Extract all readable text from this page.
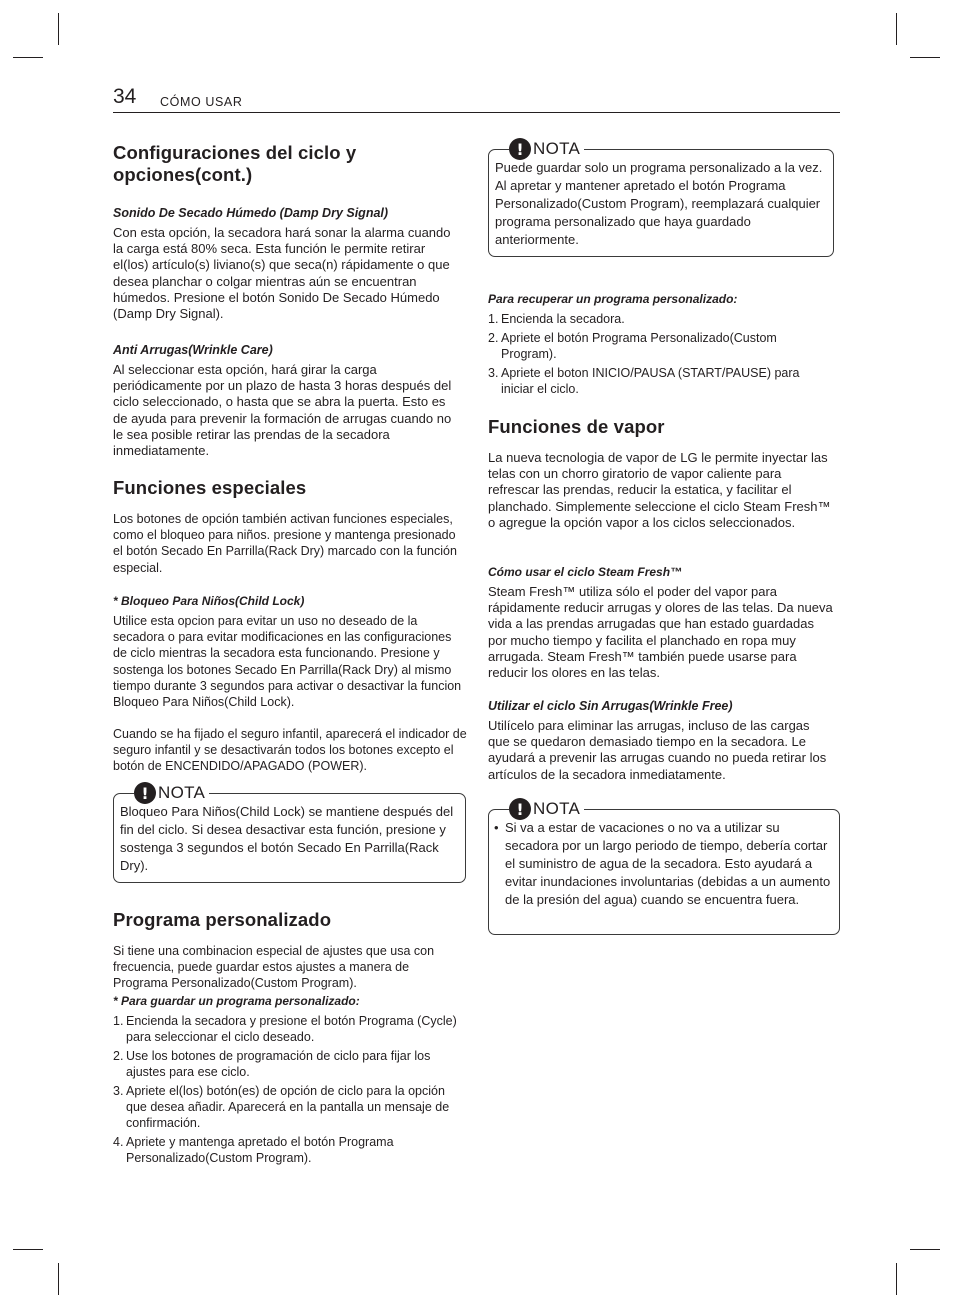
34 CÓMO USAR
Configuraciones del ciclo y opciones(cont.)

Sonido De Secado Húmedo (Damp Dry Signal)

Con esta opción, la secadora hará sonar la alarma cuando la carga está 80% seca. Esta función le permite retirar el(los) artículo(s) liviano(s) que seca(n) rápidamente o que desea planchar o colgar mientras aún se encuentran húmedos. Presione el botón Sonido De Secado Húmedo (Damp Dry Signal).

Anti Arrugas(Wrinkle Care)

Al seleccionar esta opción, hará girar la carga periódicamente por un plazo de hasta 3 horas después del ciclo seleccionado, o hasta que se abra la puerta. Esto es de ayuda para prevenir la formación de arrugas cuando no le sea posible retirar las prendas de la secadora inmediatamente.

Funciones especiales

Los botones de opción también activan funciones especiales, como el bloqueo para niños. presione y mantenga presionado el botón Secado En Parrilla(Rack Dry) marcado con la función especial.

* Bloqueo Para Niños(Child Lock)

Utilice esta opcion para evitar un uso no deseado de la secadora o para evitar modificaciones en las configuraciones de ciclo mientras la secadora esta funcionando. Presione y sostenga los botones Secado En Parrilla(Rack Dry) al mismo tiempo durante 3 segundos para activar o desactivar la funcion Bloqueo Para Niños(Child Lock).

Cuando se ha fijado el seguro infantil, aparecerá el indicador de seguro infantil y se desactivarán todos los botones excepto el botón de ENCENDIDO/APAGADO (POWER).

! NOTA

Bloqueo Para Niños(Child Lock) se mantiene después del fin del ciclo. Si desea desactivar esta función, presione y sostenga 3 segundos el botón Secado En Parrilla(Rack Dry).

Programa personalizado

Si tiene una combinacion especial de ajustes que usa con frecuencia, puede guardar estos ajustes a manera de Programa Personalizado(Custom Program).

* Para guardar un programa personalizado:

1. Encienda la secadora y presione el botón Programa (Cycle) para seleccionar el ciclo deseado.
2. Use los botones de programación de ciclo para fijar los ajustes para ese ciclo.
3. Apriete el(los) botón(es) de opción de ciclo para la opción que desea añadir. Aparecerá en la pantalla un mensaje de confirmación.
4. Apriete y mantenga apretado el botón Programa Personalizado(Custom Program).
! NOTA

Puede guardar solo un programa personalizado a la vez. Al apretar y mantener apretado el botón Programa Personalizado(Custom Program), reemplazará cualquier programa personalizado que haya guardado anteriormente.

Para recuperar un programa personalizado:

1. Encienda la secadora.
2. Apriete el botón Programa Personalizado(Custom Program).
3. Apriete el boton INICIO/PAUSA (START/PAUSE) para iniciar el ciclo.
Funciones de vapor

La nueva tecnologia de vapor de LG le permite inyectar las telas con un chorro giratorio de vapor caliente para refrescar las prendas, reducir la estatica, y facilitar el planchado. Simplemente seleccione el ciclo Steam Fresh™ o agregue la opción vapor a los ciclos seleccionados.

Cómo usar el ciclo Steam Fresh™

Steam Fresh™ utiliza sólo el poder del vapor para rápidamente reducir arrugas y olores de las telas. Da nueva vida a las prendas arrugadas que han estado guardadas por mucho tiempo y facilita el planchado en ropa muy arrugada. Steam Fresh™ también puede usarse para reducir los olores en las telas.

Utilizar el ciclo Sin Arrugas(Wrinkle Free)

Utilícelo para eliminar las arrugas, incluso de las cargas que se quedaron demasiado tiempo en la secadora. Le ayudará a prevenir las arrugas cuando no pueda retirar los artículos de la secadora inmediatamente.

! NOTA
• Si va a estar de vacaciones o no va a utilizar su secadora por un largo periodo de tiempo, debería cortar el suministro de agua de la secadora. Esto ayudará a evitar inundaciones involuntarias (debidas a un aumento de la presión del agua) cuando se encuentra fuera.
